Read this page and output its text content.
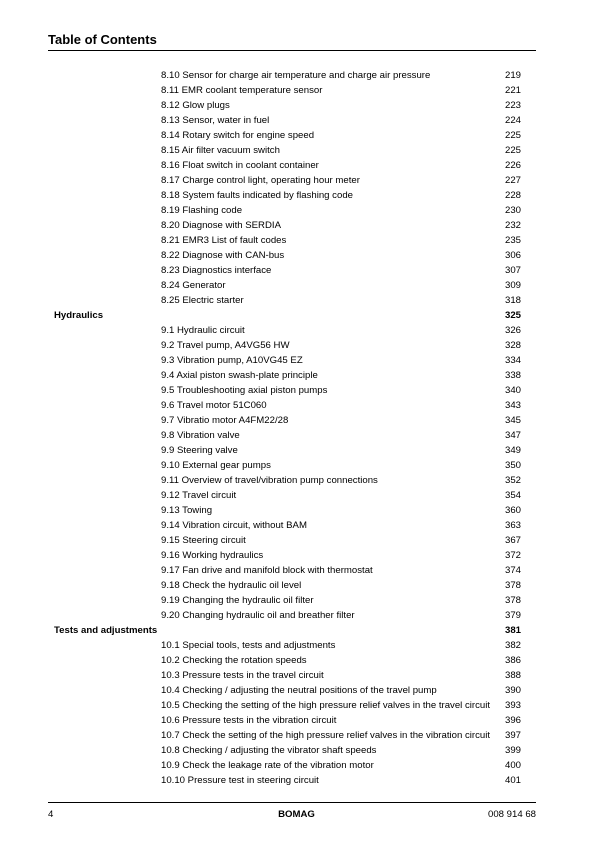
Table of Contents
8.10 Sensor for charge air temperature and charge air pressure	219
8.11 EMR coolant temperature sensor	221
8.12 Glow plugs	223
8.13 Sensor, water in fuel	224
8.14 Rotary switch for engine speed	225
8.15 Air filter vacuum switch	225
8.16 Float switch in coolant container	226
8.17 Charge control light, operating hour meter	227
8.18 System faults indicated by flashing code	228
8.19 Flashing code	230
8.20 Diagnose with SERDIA	232
8.21 EMR3 List of fault codes	235
8.22 Diagnose with CAN-bus	306
8.23 Diagnostics interface	307
8.24 Generator	309
8.25 Electric starter	318
Hydraulics	325
9.1 Hydraulic circuit	326
9.2 Travel pump, A4VG56 HW	328
9.3 Vibration pump, A10VG45 EZ	334
9.4 Axial piston swash-plate principle	338
9.5 Troubleshooting axial piston pumps	340
9.6 Travel motor 51C060	343
9.7 Vibratio motor A4FM22/28	345
9.8 Vibration valve	347
9.9 Steering valve	349
9.10 External gear pumps	350
9.11 Overview of travel/vibration pump connections	352
9.12 Travel circuit	354
9.13 Towing	360
9.14 Vibration circuit, without BAM	363
9.15 Steering circuit	367
9.16 Working hydraulics	372
9.17 Fan drive and manifold block with thermostat	374
9.18 Check the hydraulic oil level	378
9.19 Changing the hydraulic oil filter	378
9.20 Changing hydraulic oil and breather filter	379
Tests and adjustments	381
10.1 Special tools, tests and adjustments	382
10.2 Checking the rotation speeds	386
10.3 Pressure tests in the travel circuit	388
10.4 Checking / adjusting the neutral positions of the travel pump	390
10.5 Checking the setting of the high pressure relief valves in the travel circuit 393
10.6 Pressure tests in the vibration circuit	396
10.7 Check the setting of the high pressure relief valves in the vibration circuit 397
10.8 Checking / adjusting the vibrator shaft speeds	399
10.9 Check the leakage rate of the vibration motor	400
10.10 Pressure test in steering circuit	401
4	BOMAG	008 914 68
